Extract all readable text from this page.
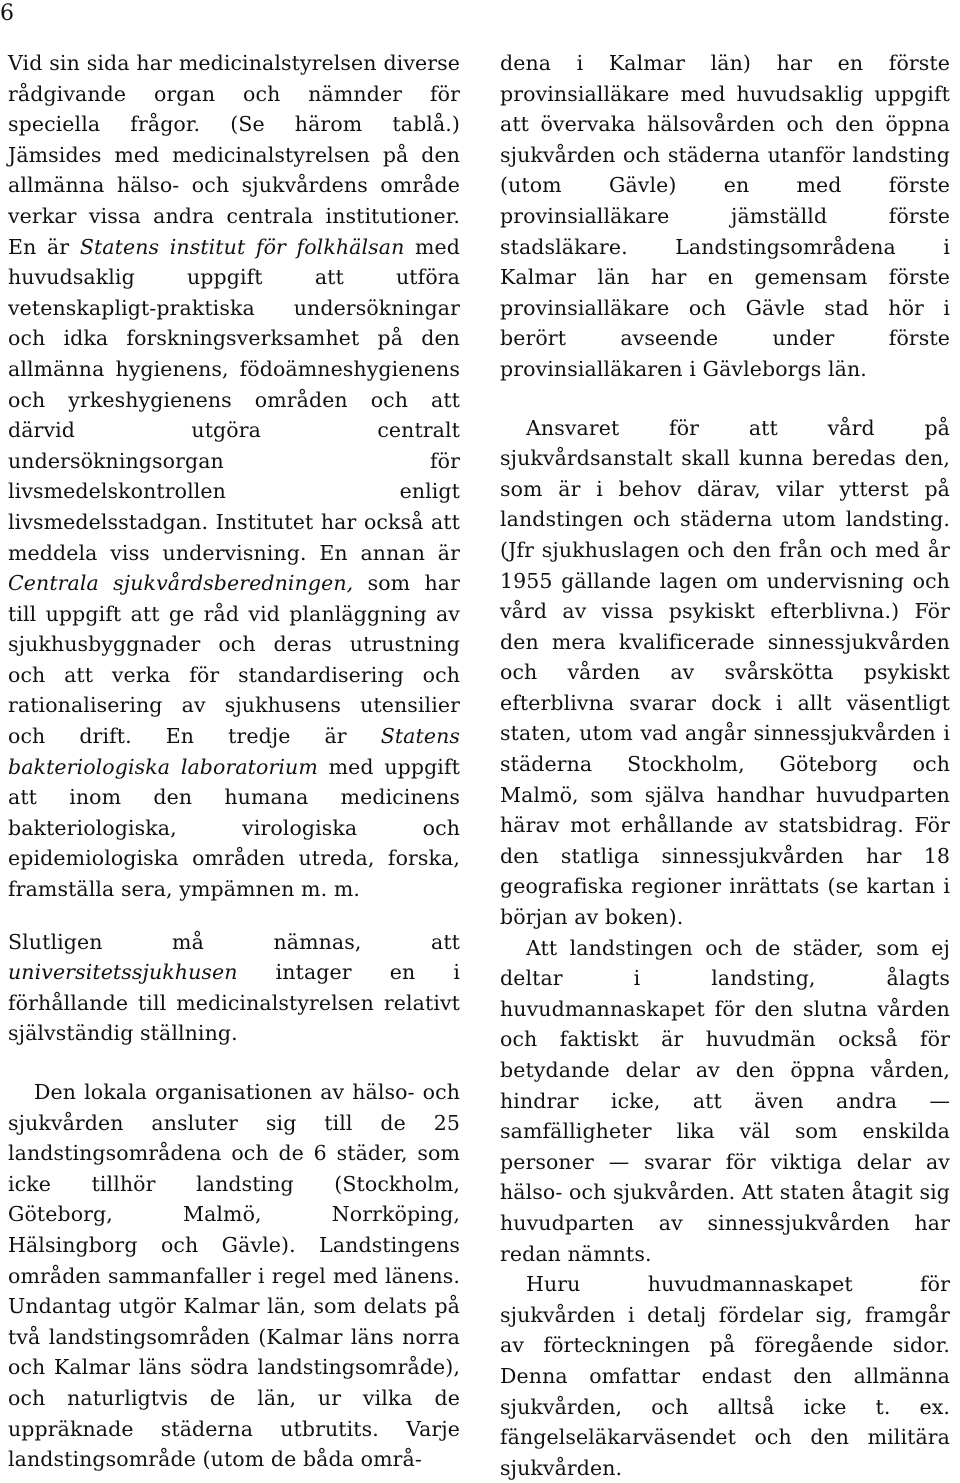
6

Vid sin sida har medicinalstyrelsen diverse rådgivande organ och nämnder för speciella frågor. (Se härom tablå.) Jämsides med medicinalstyrelsen på den allmänna hälso- och sjukvårdens område verkar vissa andra centrala institutioner. En är Statens institut för folkhälsan med huvudsaklig uppgift att utföra vetenskapligt-praktiska undersökningar och idka forskningsverksamhet på den allmänna hygienens, födoämneshygienens och yrkeshygienens områden och att därvid utgöra centralt undersökningsorgan för livsmedelskontrollen enligt livsmedelsstadgan. Institutet har också att meddela viss undervisning. En annan är Centrala sjukvårdsberedningen, som har till uppgift att ge råd vid planläggning av sjukhusbyggnader och deras utrustning och att verka för standardisering och rationalisering av sjukhusens utensilier och drift. En tredje är Statens bakteriologiska laboratorium med uppgift att inom den humana medicinens bakteriologiska, virologiska och epidemiologiska områden utreda, forska, framställa sera, ympämnen m. m.

Slutligen må nämnas, att universitetssjukhusen intager en i förhållande till medicinalstyrelsen relativt självständig ställning.

Den lokala organisationen av hälso- och sjukvården ansluter sig till de 25 landstingsområdena och de 6 städer, som icke tillhör landsting (Stockholm, Göteborg, Malmö, Norrköping, Hälsingborg och Gävle). Landstingens områden sammanfaller i regel med länens. Undantag utgör Kalmar län, som delats på två landstingsområden (Kalmar läns norra och Kalmar läns södra landstingsområde), och naturligtvis de län, ur vilka de uppräknade städerna utbrutits. Varje landstingsområde (utom de båda områ-

dena i Kalmar län) har en förste provinsialläkare med huvudsaklig uppgift att övervaka hälsovården och den öppna sjukvården och städerna utanför landsting (utom Gävle) en med förste provinsialläkare jämställd förste stadsläkare. Landstingsområdena i Kalmar län har en gemensam förste provinsialläkare och Gävle stad hör i berört avseende under förste provinsialläkaren i Gävleborgs län.

Ansvaret för att vård på sjukvårdsanstalt skall kunna beredas den, som är i behov därav, vilar ytterst på landstingen och städerna utom landsting. (Jfr sjukhuslagen och den från och med år 1955 gällande lagen om undervisning och vård av vissa psykiskt efterblivna.) För den mera kvalificerade sinnessjukvården och vården av svårskötta psykiskt efterblivna svarar dock i allt väsentligt staten, utom vad angår sinnessjukvården i städerna Stockholm, Göteborg och Malmö, som själva handhar huvudparten härav mot erhållande av statsbidrag. För den statliga sinnessjukvården har 18 geografiska regioner inrättats (se kartan i början av boken).

Att landstingen och de städer, som ej deltar i landsting, ålagts huvudmannaskapet för den slutna vården och faktiskt är huvudmän också för betydande delar av den öppna vården, hindrar icke, att även andra — samfälligheter lika väl som enskilda personer — svarar för viktiga delar av hälso- och sjukvården. Att staten åtagit sig huvudparten av sinnessjukvården har redan nämnts.

Huru huvudmannaskapet för sjukvården i detalj fördelar sig, framgår av förteckningen på föregående sidor. Denna omfattar endast den allmänna sjukvården, och alltså icke t. ex. fängelseläkarväsendet och den militära sjukvården.
